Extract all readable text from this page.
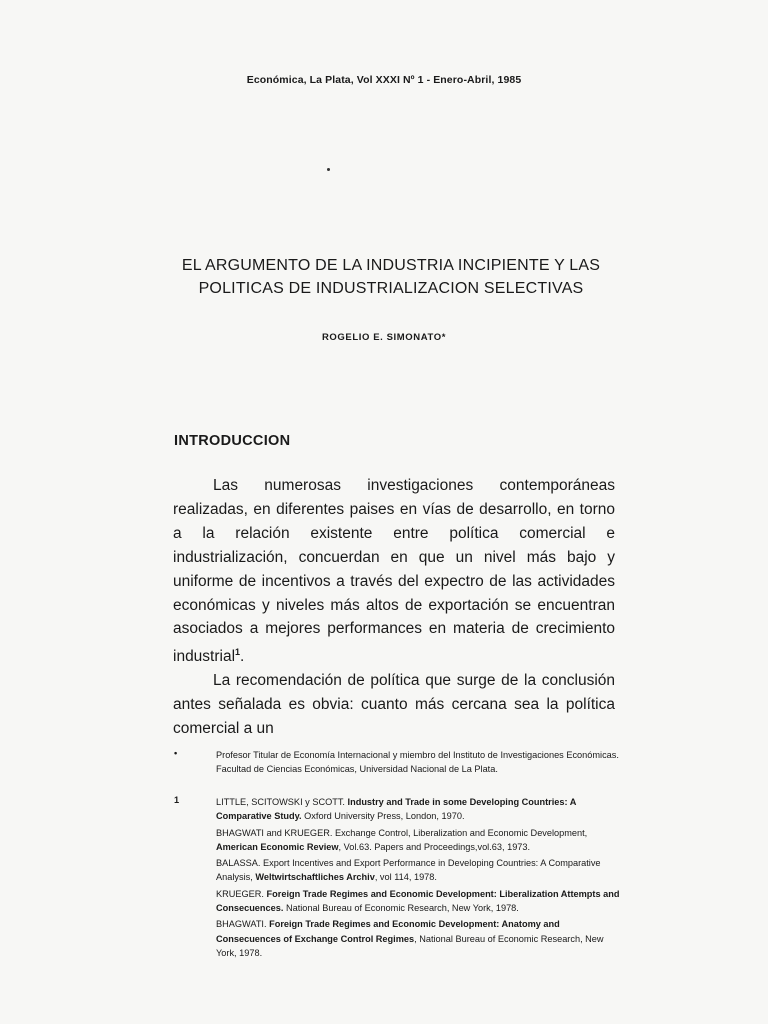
Económica, La Plata, Vol XXXI Nº 1 - Enero-Abril, 1985
EL ARGUMENTO DE LA INDUSTRIA INCIPIENTE Y LAS
POLITICAS DE INDUSTRIALIZACION SELECTIVAS
ROGELIO E. SIMONATO*
INTRODUCCION

Las numerosas investigaciones contemporáneas realizadas, en diferentes paises en vías de desarrollo, en torno a la relación existente entre política comercial e industrialización, concuerdan en que un nivel más bajo y uniforme de incentivos a través del expectro de las actividades económicas y niveles más altos de exportación se encuentran asociados a mejores performances en materia de crecimiento industrial$^1$.

La recomendación de política que surge de la conclusión antes señalada es obvia: cuanto más cercana sea la política comercial a un

•	Profesor Titular de Economía Internacional y miembro del Instituto de Investigaciones Económicas. Facultad de Ciencias Económicas, Universidad Nacional de La Plata.
1	LITTLE, SCITOWSKI y SCOTT. Industry and Trade in some Developing Countries: A Comparative Study. Oxford University Press, London, 1970.

BHAGWATI and KRUEGER. Exchange Control, Liberalization and Economic Development, American Economic Review, Vol.63. Papers and Proceedings,vol.63, 1973.

BALASSA. Export Incentives and Export Performance in Developing Countries: A Comparative Analysis, Weltwirtschaftliches Archiv, vol 114, 1978.

KRUEGER. Foreign Trade Regimes and Economic Development: Liberalization Attempts and Consecuences. National Bureau of Economic Research, New York, 1978.

BHAGWATI. Foreign Trade Regimes and Economic Development: Anatomy and Consecuences of Exchange Control Regimes, National Bureau of Economic Research, New York, 1978.
